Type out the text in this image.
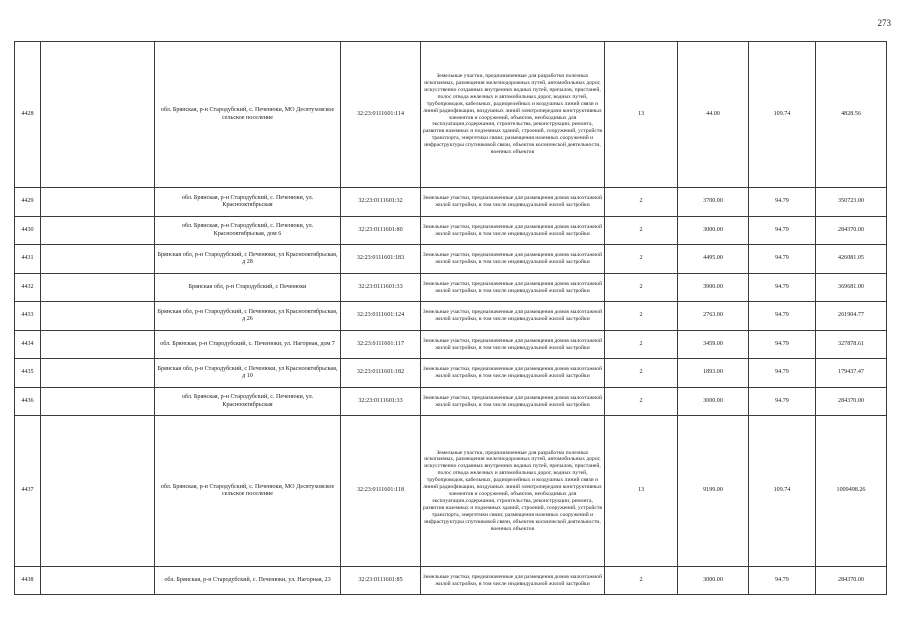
273
4428		обл. Брянская, р-н Стародубский, с. Печенюки, МО Десятуховское сельское поселение	32:23:0111601:114	Земельные участки, предназначенные для разработки полезных ископаемых, размещения железнодорожных путей, автомобильных дорог, искусственно созданных внутренних водных путей, причалов, пристаней, полос отвода железных и автомобильных дорог, водных путей, трубопроводов, кабельных, радиорелейных и воздушных линий связи и линий радиофикации, воздушных линий электропередачи конструктивных элементов и сооружений, объектов, необходимых для эксплуатации,содержания, строительства, реконструкции, ремонта, развития наземных и подземных зданий, строений, сооружений, устройств транспорта, энергетики связи; размещения наземных сооружений и инфраструктуры спутниковой связи, объектов космической деятельности, военных объектов	13	44.00	109.74	4828.56
4429		обл. Брянская, р-н Стародубский, с. Печенюки, ул. Краснооктябрьская	32:23:0111601:32	Земельные участки, предназначенные для размещения домов малоэтажной жилой застройки, в том числе индивидуальной жилой застройки	2	3700.00	94.79	350723.00
4430		обл. Брянская, р-н Стародубский, с. Печенюки, ул. Краснооктябрьская, дом 6	32:23:0111601:80	Земельные участки, предназначенные для размещения домов малоэтажной жилой застройки, в том числе индивидуальной жилой застройки	2	3000.00	94.79	284370.00
4431		Брянская обл, р-н Стародубский, с Печенюки, ул Краснооктябрьская, д 28	32:23:0111601:183	Земельные участки, предназначенные для размещения домов малоэтажной жилой застройки, в том числе индивидуальной жилой застройки	2	4495.00	94.79	426081.05
4432		Брянская обл, р-н Стародубский, с Печенюки	32:23:0111601:33	Земельные участки, предназначенные для размещения домов малоэтажной жилой застройки, в том числе индивидуальной жилой застройки	2	3900.00	94.79	369681.00
4433		Брянская обл, р-н Стародубский, с Печенюки, ул Краснооктябрьская, д 26	32:23:0111601:124	Земельные участки, предназначенные для размещения домов малоэтажной жилой застройки, в том числе индивидуальной жилой застройки	2	2763.00	94.79	261904.77
4434		обл. Брянская, р-н Стародубский, с. Печенюки, ул. Нагорная, дом 7	32:23:0111601:117	Земельные участки, предназначенные для размещения домов малоэтажной жилой застройки, в том числе индивидуальной жилой застройки	2	3459.00	94.79	327878.61
4435		Брянская обл, р-н Стародубский, с Печенюки, ул Краснооктябрьская, д 10	32:23:0111601:182	Земельные участки, предназначенные для размещения домов малоэтажной жилой застройки, в том числе индивидуальной жилой застройки	2	1893.00	94.79	179437.47
4436		обл. Брянская, р-н Стародубский, с. Печенюки, ул. Краснооктябрьская	32:23:0111601:33	Земельные участки, предназначенные для размещения домов малоэтажной жилой застройки, в том числе индивидуальной жилой застройки	2	3000.00	94.79	284370.00
4437		обл. Брянская, р-н Стародубский, с. Печенюки, МО Десятуховское сельское поселение	32:23:0111601:118	Земельные участки, предназначенные для разработки полезных ископаемых, размещения железнодорожных путей, автомобильных дорог, искусственно созданных внутренних водных путей, причалов, пристаней, полос отвода железных и автомобильных дорог, водных путей, трубопроводов, кабельных, радиорелейных и воздушных линий связи и линий радиофикации, воздушных линий электропередачи конструктивных элементов и сооружений, объектов, необходимых для эксплуатации,содержания, строительства, реконструкции, ремонта, развития наземных и подземных зданий, строений, сооружений, устройств транспорта, энергетики связи; размещения наземных сооружений и инфраструктуры спутниковой связи, объектов космической деятельности, военных объектов	13	9199.00	109.74	1009498.26
4438		обл. Брянская, р-н Стародубский, с. Печенюки, ул. Нагорная, 23	32:23:0111601:85	Земельные участки, предназначенные для размещения домов малоэтажной жилой застройки, в том числе индивидуальной жилой застройки	2	3000.00	94.79	284370.00
